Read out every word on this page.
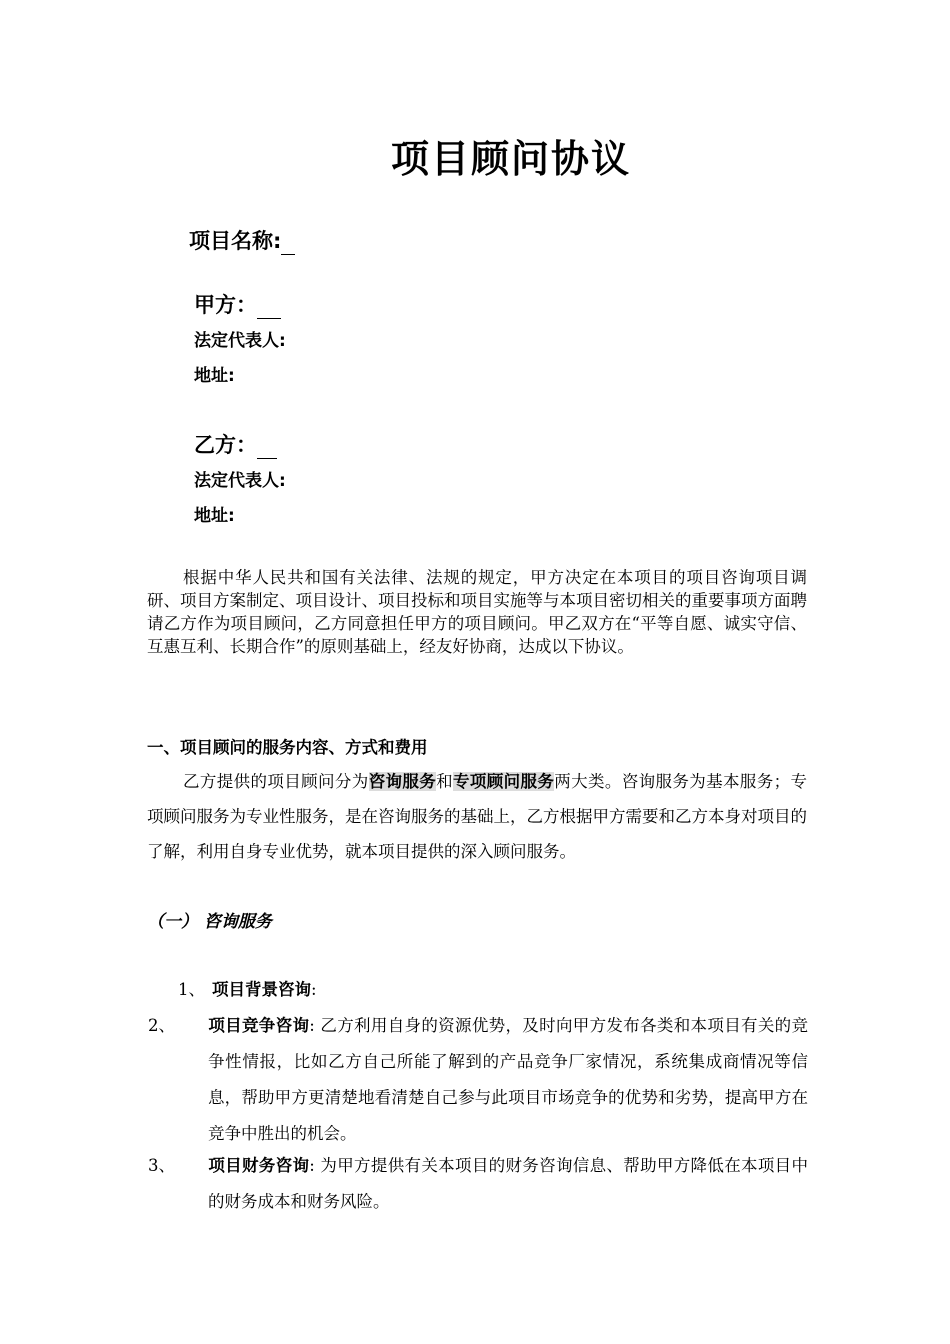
项目顾问协议
项目名称:
甲方：
法定代表人:
地址:
乙方：
法定代表人:
地址:

根据中华人民共和国有关法律、法规的规定，甲方决定在本项目的项目咨询项目调研、项目方案制定、项目设计、项目投标和项目实施等与本项目密切相关的重要事项方面聘请乙方作为项目顾问，乙方同意担任甲方的项目顾问。甲乙双方在“平等自愿、诚实守信、互惠互利、长期合作”的原则基础上，经友好协商，达成以下协议。

一、项目顾问的服务内容、方式和费用
乙方提供的项目顾问分为咨询服务和专项顾问服务两大类。咨询服务为基本服务；专项顾问服务为专业性服务，是在咨询服务的基础上，乙方根据甲方需要和乙方本身对项目的了解，利用自身专业优势，就本项目提供的深入顾问服务。
（一） 咨询服务
1、 项目背景咨询:
2、 项目竞争咨询: 乙方利用自身的资源优势，及时向甲方发布各类和本项目有关的竞争性情报，比如乙方自己所能了解到的产品竞争厂家情况，系统集成商情况等信息，帮助甲方更清楚地看清楚自己参与此项目市场竞争的优势和劣势，提高甲方在竞争中胜出的机会。
3、 项目财务咨询: 为甲方提供有关本项目的财务咨询信息、帮助甲方降低在本项目中的财务成本和财务风险。
